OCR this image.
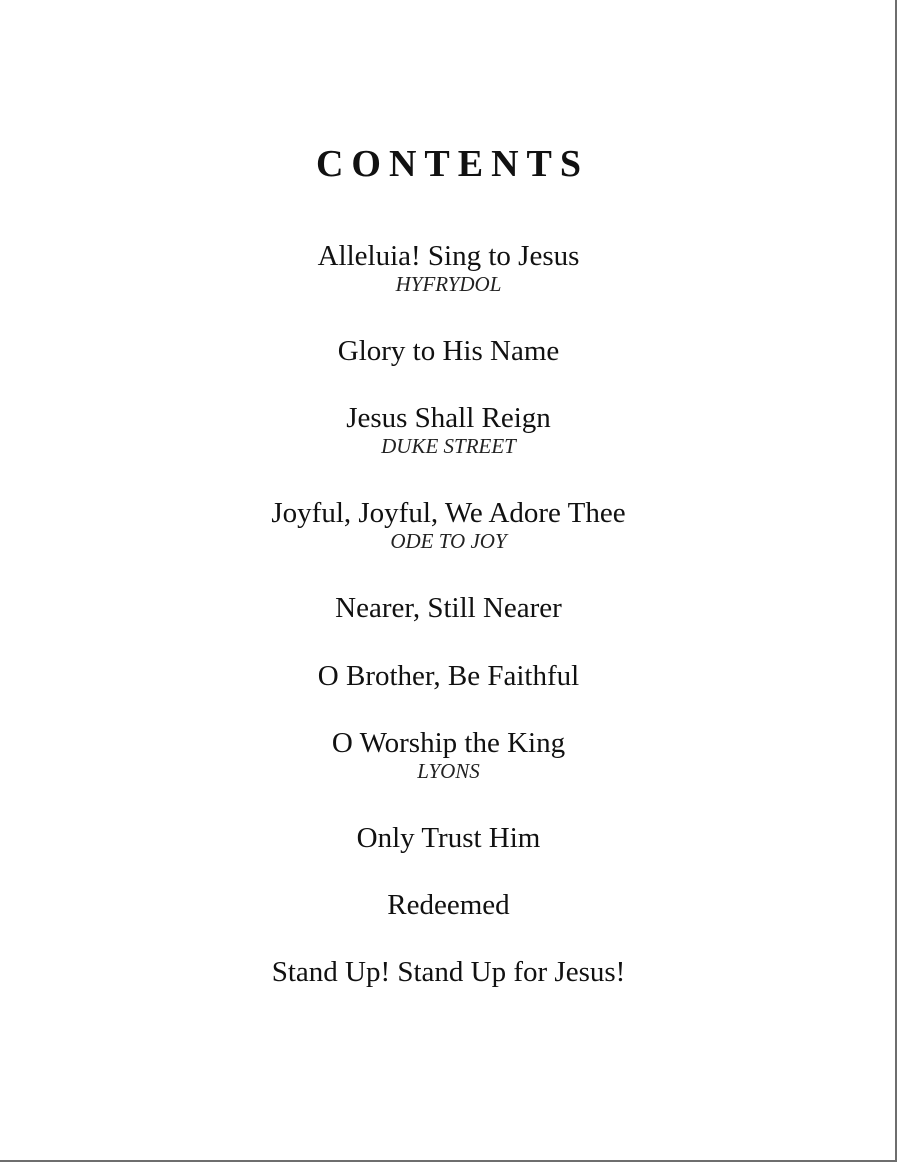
CONTENTS
Alleluia! Sing to Jesus
HYFRYDOL
Glory to His Name
Jesus Shall Reign
DUKE STREET
Joyful, Joyful, We Adore Thee
ODE TO JOY
Nearer, Still Nearer
O Brother, Be Faithful
O Worship the King
LYONS
Only Trust Him
Redeemed
Stand Up! Stand Up for Jesus!
